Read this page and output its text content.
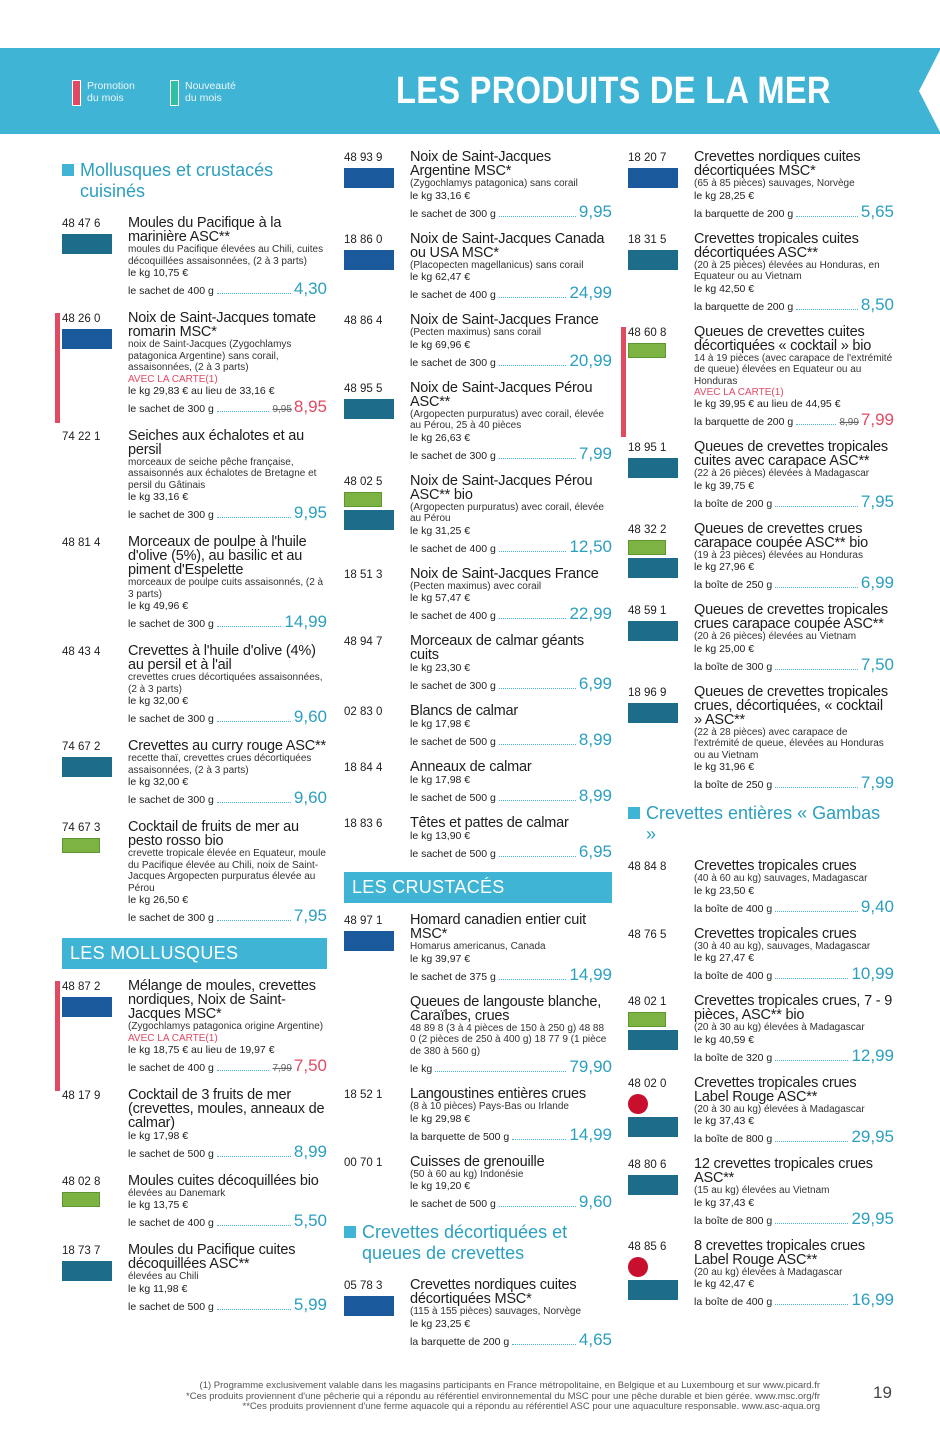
Promotion du mois
Nouveauté du mois	LES PRODUITS DE LA MER
Mollusques et crustacés cuisinés
48 47 6	Moules du Pacifique à la marinière ASC**
moules du Pacifique élevées au Chili, cuites décoquillées assaisonnées, (2 à 3 parts)
le kg 10,75 €
le sachet de 400 g	4,30
48 26 0	Noix de Saint-Jacques tomate romarin MSC*
noix de Saint-Jacques (Zygochlamys patagonica Argentine) sans corail, assaisonnées, (2 à 3 parts)
AVEC LA CARTE(1)
le kg 29,83 € au lieu de 33,16 €
le sachet de 300 g	9,95 8,95
74 22 1	Seiches aux échalotes et au persil
morceaux de seiche pêche française, assaisonnés aux échalotes de Bretagne et persil du Gâtinais
le kg 33,16 €
le sachet de 300 g	9,95
48 81 4	Morceaux de poulpe à l'huile d'olive (5%), au basilic et au piment d'Espelette
morceaux de poulpe cuits assaisonnés, (2 à 3 parts)
le kg 49,96 €
le sachet de 300 g	14,99
48 43 4	Crevettes à l'huile d'olive (4%) au persil et à l'ail
crevettes crues décortiquées assaisonnées, (2 à 3 parts)
le kg 32,00 €
le sachet de 300 g	9,60
74 67 2	Crevettes au curry rouge ASC**
recette thaï, crevettes crues décortiquées assaisonnées, (2 à 3 parts)
le kg 32,00 €
le sachet de 300 g	9,60
74 67 3	Cocktail de fruits de mer au pesto rosso bio
crevette tropicale élevée en Equateur, moule du Pacifique élevée au Chili, noix de Saint-Jacques Argopecten purpuratus élevée au Pérou
le kg 26,50 €
le sachet de 300 g	7,95
LES MOLLUSQUES
48 87 2	Mélange de moules, crevettes nordiques, Noix de Saint-Jacques MSC*
(Zygochlamys patagonica origine Argentine)
AVEC LA CARTE(1)
le kg 18,75 € au lieu de 19,97 €
le sachet de 400 g	7,99 7,50
48 17 9	Cocktail de 3 fruits de mer (crevettes, moules, anneaux de calmar)
le kg 17,98 €
le sachet de 500 g	8,99
48 02 8	Moules cuites décoquillées bio
élevées au Danemark
le kg 13,75 €
le sachet de 400 g	5,50
18 73 7	Moules du Pacifique cuites décoquillées ASC**
élevées au Chili
le kg 11,98 €
le sachet de 500 g	5,99
48 93 9	Noix de Saint-Jacques Argentine MSC*
(Zygochlamys patagonica) sans corail
le kg 33,16 €
le sachet de 300 g	9,95
18 86 0	Noix de Saint-Jacques Canada ou USA MSC*
(Placopecten magellanicus) sans corail
le kg 62,47 €
le sachet de 400 g	24,99
48 86 4	Noix de Saint-Jacques France
(Pecten maximus) sans corail
le kg 69,96 €
le sachet de 300 g	20,99
48 95 5	Noix de Saint-Jacques Pérou ASC**
(Argopecten purpuratus) avec corail, élevée au Pérou, 25 à 40 pièces
le kg 26,63 €
le sachet de 300 g	7,99
48 02 5	Noix de Saint-Jacques Pérou ASC** bio
(Argopecten purpuratus) avec corail, élevée au Pérou
le kg 31,25 €
le sachet de 400 g	12,50
18 51 3	Noix de Saint-Jacques France
(Pecten maximus) avec corail
le kg 57,47 €
le sachet de 400 g	22,99
48 94 7	Morceaux de calmar géants cuits
le kg 23,30 €
le sachet de 300 g	6,99
02 83 0	Blancs de calmar
le kg 17,98 €
le sachet de 500 g	8,99
18 84 4	Anneaux de calmar
le kg 17,98 €
le sachet de 500 g	8,99
18 83 6	Têtes et pattes de calmar
le kg 13,90 €
le sachet de 500 g	6,95
LES CRUSTACÉS
48 97 1	Homard canadien entier cuit MSC*
Homarus americanus, Canada
le kg 39,97 €
le sachet de 375 g	14,99
Queues de langouste blanche, Caraïbes, crues
48 89 8 (3 à 4 pièces de 150 à 250 g) 48 88 0 (2 pièces de 250 à 400 g) 18 77 9 (1 pièce de 380 à 560 g)
le kg	79,90
18 52 1	Langoustines entières crues
(8 à 10 pièces) Pays-Bas ou Irlande
le kg 29,98 €
la barquette de 500 g	14,99
00 70 1	Cuisses de grenouille
(50 à 60 au kg) Indonésie
le kg 19,20 €
le sachet de 500 g	9,60
Crevettes décortiquées et queues de crevettes
05 78 3	Crevettes nordiques cuites décortiquées MSC*
(115 à 155 pièces) sauvages, Norvège
le kg 23,25 €
la barquette de 200 g	4,65
18 20 7	Crevettes nordiques cuites décortiquées MSC*
(65 à 85 pièces) sauvages, Norvège
le kg 28,25 €
la barquette de 200 g	5,65
18 31 5	Crevettes tropicales cuites décortiquées ASC**
(20 à 25 pièces) élevées au Honduras, en Equateur ou au Vietnam
le kg 42,50 €
la barquette de 200 g	8,50
48 60 8	Queues de crevettes cuites décortiquées « cocktail » bio
14 à 19 pièces (avec carapace de l'extrémité de queue) élevées en Equateur ou au Honduras
AVEC LA CARTE(1)
le kg 39,95 € au lieu de 44,95 €
la barquette de 200 g	8,99 7,99
18 95 1	Queues de crevettes tropicales cuites avec carapace ASC**
(22 à 26 pièces) élevées à Madagascar
le kg 39,75 €
la boîte de 200 g	7,95
48 32 2	Queues de crevettes crues carapace coupée ASC** bio
(19 à 23 pièces) élevées au Honduras
le kg 27,96 €
la boîte de 250 g	6,99
48 59 1	Queues de crevettes tropicales crues carapace coupée ASC**
(20 à 26 pièces) élevées au Vietnam
le kg 25,00 €
la boîte de 300 g	7,50
18 96 9	Queues de crevettes tropicales crues, décortiquées, « cocktail » ASC**
(22 à 28 pièces) avec carapace de l'extrémité de queue, élevées au Honduras ou au Vietnam
le kg 31,96 €
la boîte de 250 g	7,99
Crevettes entières « Gambas »
48 84 8	Crevettes tropicales crues
(40 à 60 au kg) sauvages, Madagascar
le kg 23,50 €
la boîte de 400 g	9,40
48 76 5	Crevettes tropicales crues
(30 à 40 au kg), sauvages, Madagascar
le kg 27,47 €
la boîte de 400 g	10,99
48 02 1	Crevettes tropicales crues, 7 - 9 pièces, ASC** bio
(20 à 30 au kg) élevées à Madagascar
le kg 40,59 €
la boîte de 320 g	12,99
48 02 0	Crevettes tropicales crues Label Rouge ASC**
(20 à 30 au kg) élevées à Madagascar
le kg 37,43 €
la boîte de 800 g	29,95
48 80 6	12 crevettes tropicales crues ASC**
(15 au kg) élevées au Vietnam
le kg 37,43 €
la boîte de 800 g	29,95
48 85 6	8 crevettes tropicales crues Label Rouge ASC**
(20 au kg) élevées à Madagascar
le kg 42,47 €
la boîte de 400 g	16,99
(1) Programme exclusivement valable dans les magasins participants en France métropolitaine, en Belgique et au Luxembourg et sur www.picard.fr
*Ces produits proviennent d'une pêcherie qui a répondu au référentiel environnemental du MSC pour une pêche durable et bien gérée. www.msc.org/fr
**Ces produits proviennent d'une ferme aquacole qui a répondu au référentiel ASC pour une aquaculture responsable. www.asc-aqua.org
19
